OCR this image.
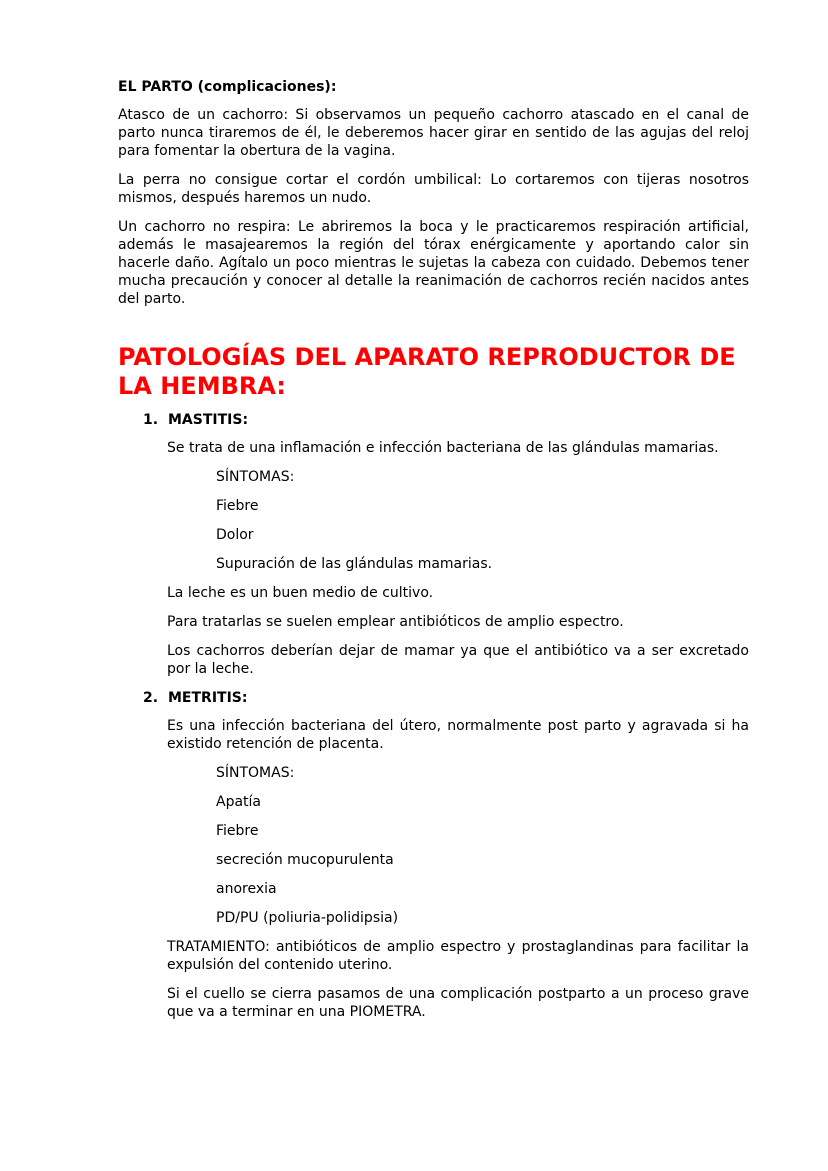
EL PARTO (complicaciones):

Atasco de un cachorro: Si observamos un pequeño cachorro atascado en el canal de parto nunca tiraremos de él, le deberemos hacer girar en sentido de las agujas del reloj para fomentar la obertura de la vagina.

La perra no consigue cortar el cordón umbilical: Lo cortaremos con tijeras nosotros mismos, después haremos un nudo.

Un cachorro no respira: Le abriremos la boca y le practicaremos respiración artificial, además le masajearemos la región del tórax enérgicamente y aportando calor sin hacerle daño. Agítalo un poco mientras le sujetas la cabeza con cuidado. Debemos tener mucha precaución y conocer al detalle la reanimación de cachorros recién nacidos antes del parto.

PATOLOGÍAS DEL APARATO REPRODUCTOR DE LA HEMBRA:
1. MASTITIS:

Se trata de una inflamación e infección bacteriana de las glándulas mamarias.

SÍNTOMAS:
Fiebre
Dolor
Supuración de las glándulas mamarias.

La leche es un buen medio de cultivo.

Para tratarlas se suelen emplear antibióticos de amplio espectro.

Los cachorros deberían dejar de mamar ya que el antibiótico va a ser excretado por la leche.

2. METRITIS:

Es una infección bacteriana del útero, normalmente post parto y agravada si ha existido retención de placenta.

SÍNTOMAS:
Apatía
Fiebre
secreción mucopurulenta
anorexia
PD/PU (poliuria-polidipsia)

TRATAMIENTO: antibióticos de amplio espectro y prostaglandinas para facilitar la expulsión del contenido uterino.

Si el cuello se cierra pasamos de una complicación postparto a un proceso grave que va a terminar en una PIOMETRA.
